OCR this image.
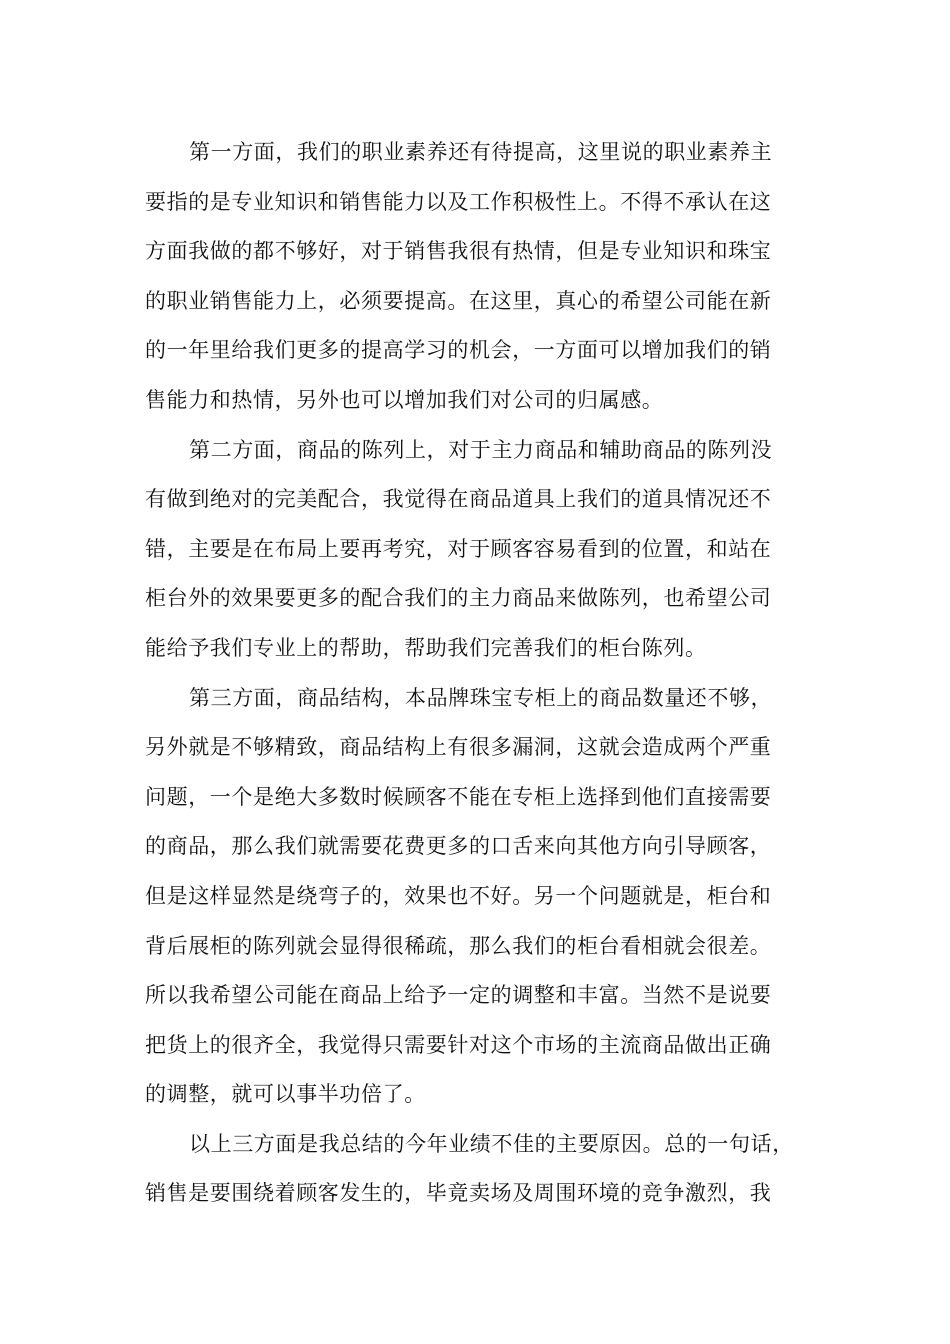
第一方面，我们的职业素养还有待提高，这里说的职业素养主
要指的是专业知识和销售能力以及工作积极性上。不得不承认在这
方面我做的都不够好，对于销售我很有热情，但是专业知识和珠宝
的职业销售能力上，必须要提高。在这里，真心的希望公司能在新
的一年里给我们更多的提高学习的机会，一方面可以增加我们的销
售能力和热情，另外也可以增加我们对公司的归属感。
第二方面，商品的陈列上，对于主力商品和辅助商品的陈列没
有做到绝对的完美配合，我觉得在商品道具上我们的道具情况还不
错，主要是在布局上要再考究，对于顾客容易看到的位置，和站在
柜台外的效果要更多的配合我们的主力商品来做陈列，也希望公司
能给予我们专业上的帮助，帮助我们完善我们的柜台陈列。
第三方面，商品结构，本品牌珠宝专柜上的商品数量还不够，
另外就是不够精致，商品结构上有很多漏洞，这就会造成两个严重
问题，一个是绝大多数时候顾客不能在专柜上选择到他们直接需要
的商品，那么我们就需要花费更多的口舌来向其他方向引导顾客，
但是这样显然是绕弯子的，效果也不好。另一个问题就是，柜台和
背后展柜的陈列就会显得很稀疏，那么我们的柜台看相就会很差。
所以我希望公司能在商品上给予一定的调整和丰富。当然不是说要
把货上的很齐全，我觉得只需要针对这个市场的主流商品做出正确
的调整，就可以事半功倍了。
以上三方面是我总结的今年业绩不佳的主要原因。总的一句话，
销售是要围绕着顾客发生的，毕竟卖场及周围环境的竞争激烈，我
